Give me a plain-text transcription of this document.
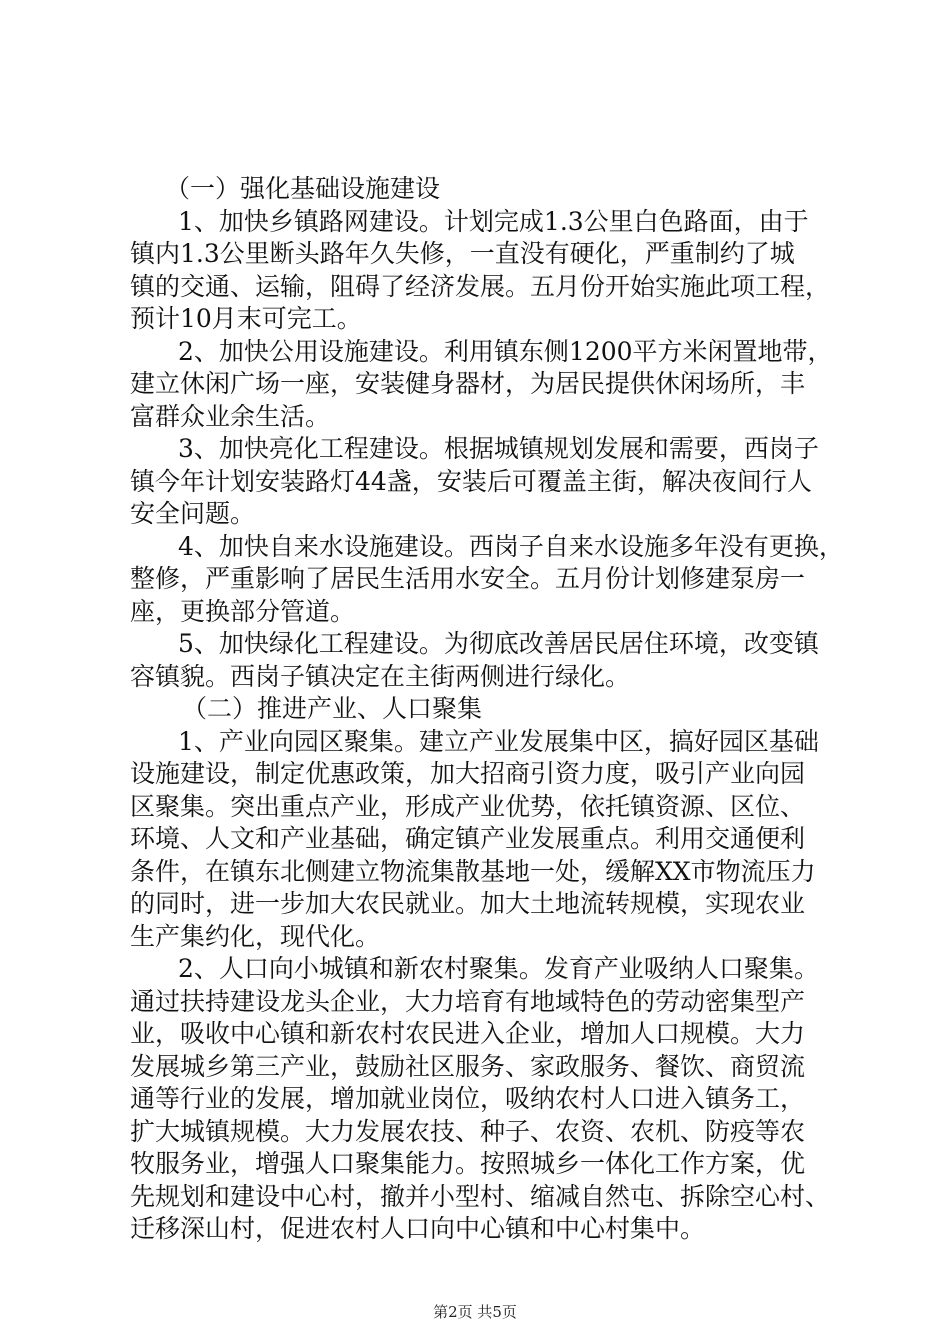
（一）强化基础设施建设
1、加快乡镇路网建设。计划完成1.3公里白色路面，由于
镇内1.3公里断头路年久失修，一直没有硬化，严重制约了城
镇的交通、运输，阻碍了经济发展。五月份开始实施此项工程，
预计10月末可完工。
2、加快公用设施建设。利用镇东侧1200平方米闲置地带，
建立休闲广场一座，安装健身器材，为居民提供休闲场所，丰
富群众业余生活。
3、加快亮化工程建设。根据城镇规划发展和需要，西岗子
镇今年计划安装路灯44盏，安装后可覆盖主街，解决夜间行人
安全问题。
4、加快自来水设施建设。西岗子自来水设施多年没有更换，
整修，严重影响了居民生活用水安全。五月份计划修建泵房一
座，更换部分管道。
5、加快绿化工程建设。为彻底改善居民居住环境，改变镇
容镇貌。西岗子镇决定在主街两侧进行绿化。
（二）推进产业、人口聚集
1、产业向园区聚集。建立产业发展集中区，搞好园区基础
设施建设，制定优惠政策，加大招商引资力度，吸引产业向园
区聚集。突出重点产业，形成产业优势，依托镇资源、区位、
环境、人文和产业基础，确定镇产业发展重点。利用交通便利
条件，在镇东北侧建立物流集散基地一处，缓解XX市物流压力
的同时，进一步加大农民就业。加大土地流转规模，实现农业
生产集约化，现代化。
2、人口向小城镇和新农村聚集。发育产业吸纳人口聚集。
通过扶持建设龙头企业，大力培育有地域特色的劳动密集型产
业，吸收中心镇和新农村农民进入企业，增加人口规模。大力
发展城乡第三产业，鼓励社区服务、家政服务、餐饮、商贸流
通等行业的发展，增加就业岗位，吸纳农村人口进入镇务工，
扩大城镇规模。大力发展农技、种子、农资、农机、防疫等农
牧服务业，增强人口聚集能力。按照城乡一体化工作方案，优
先规划和建设中心村，撤并小型村、缩减自然屯、拆除空心村、
迁移深山村，促进农村人口向中心镇和中心村集中。
第2页 共5页
